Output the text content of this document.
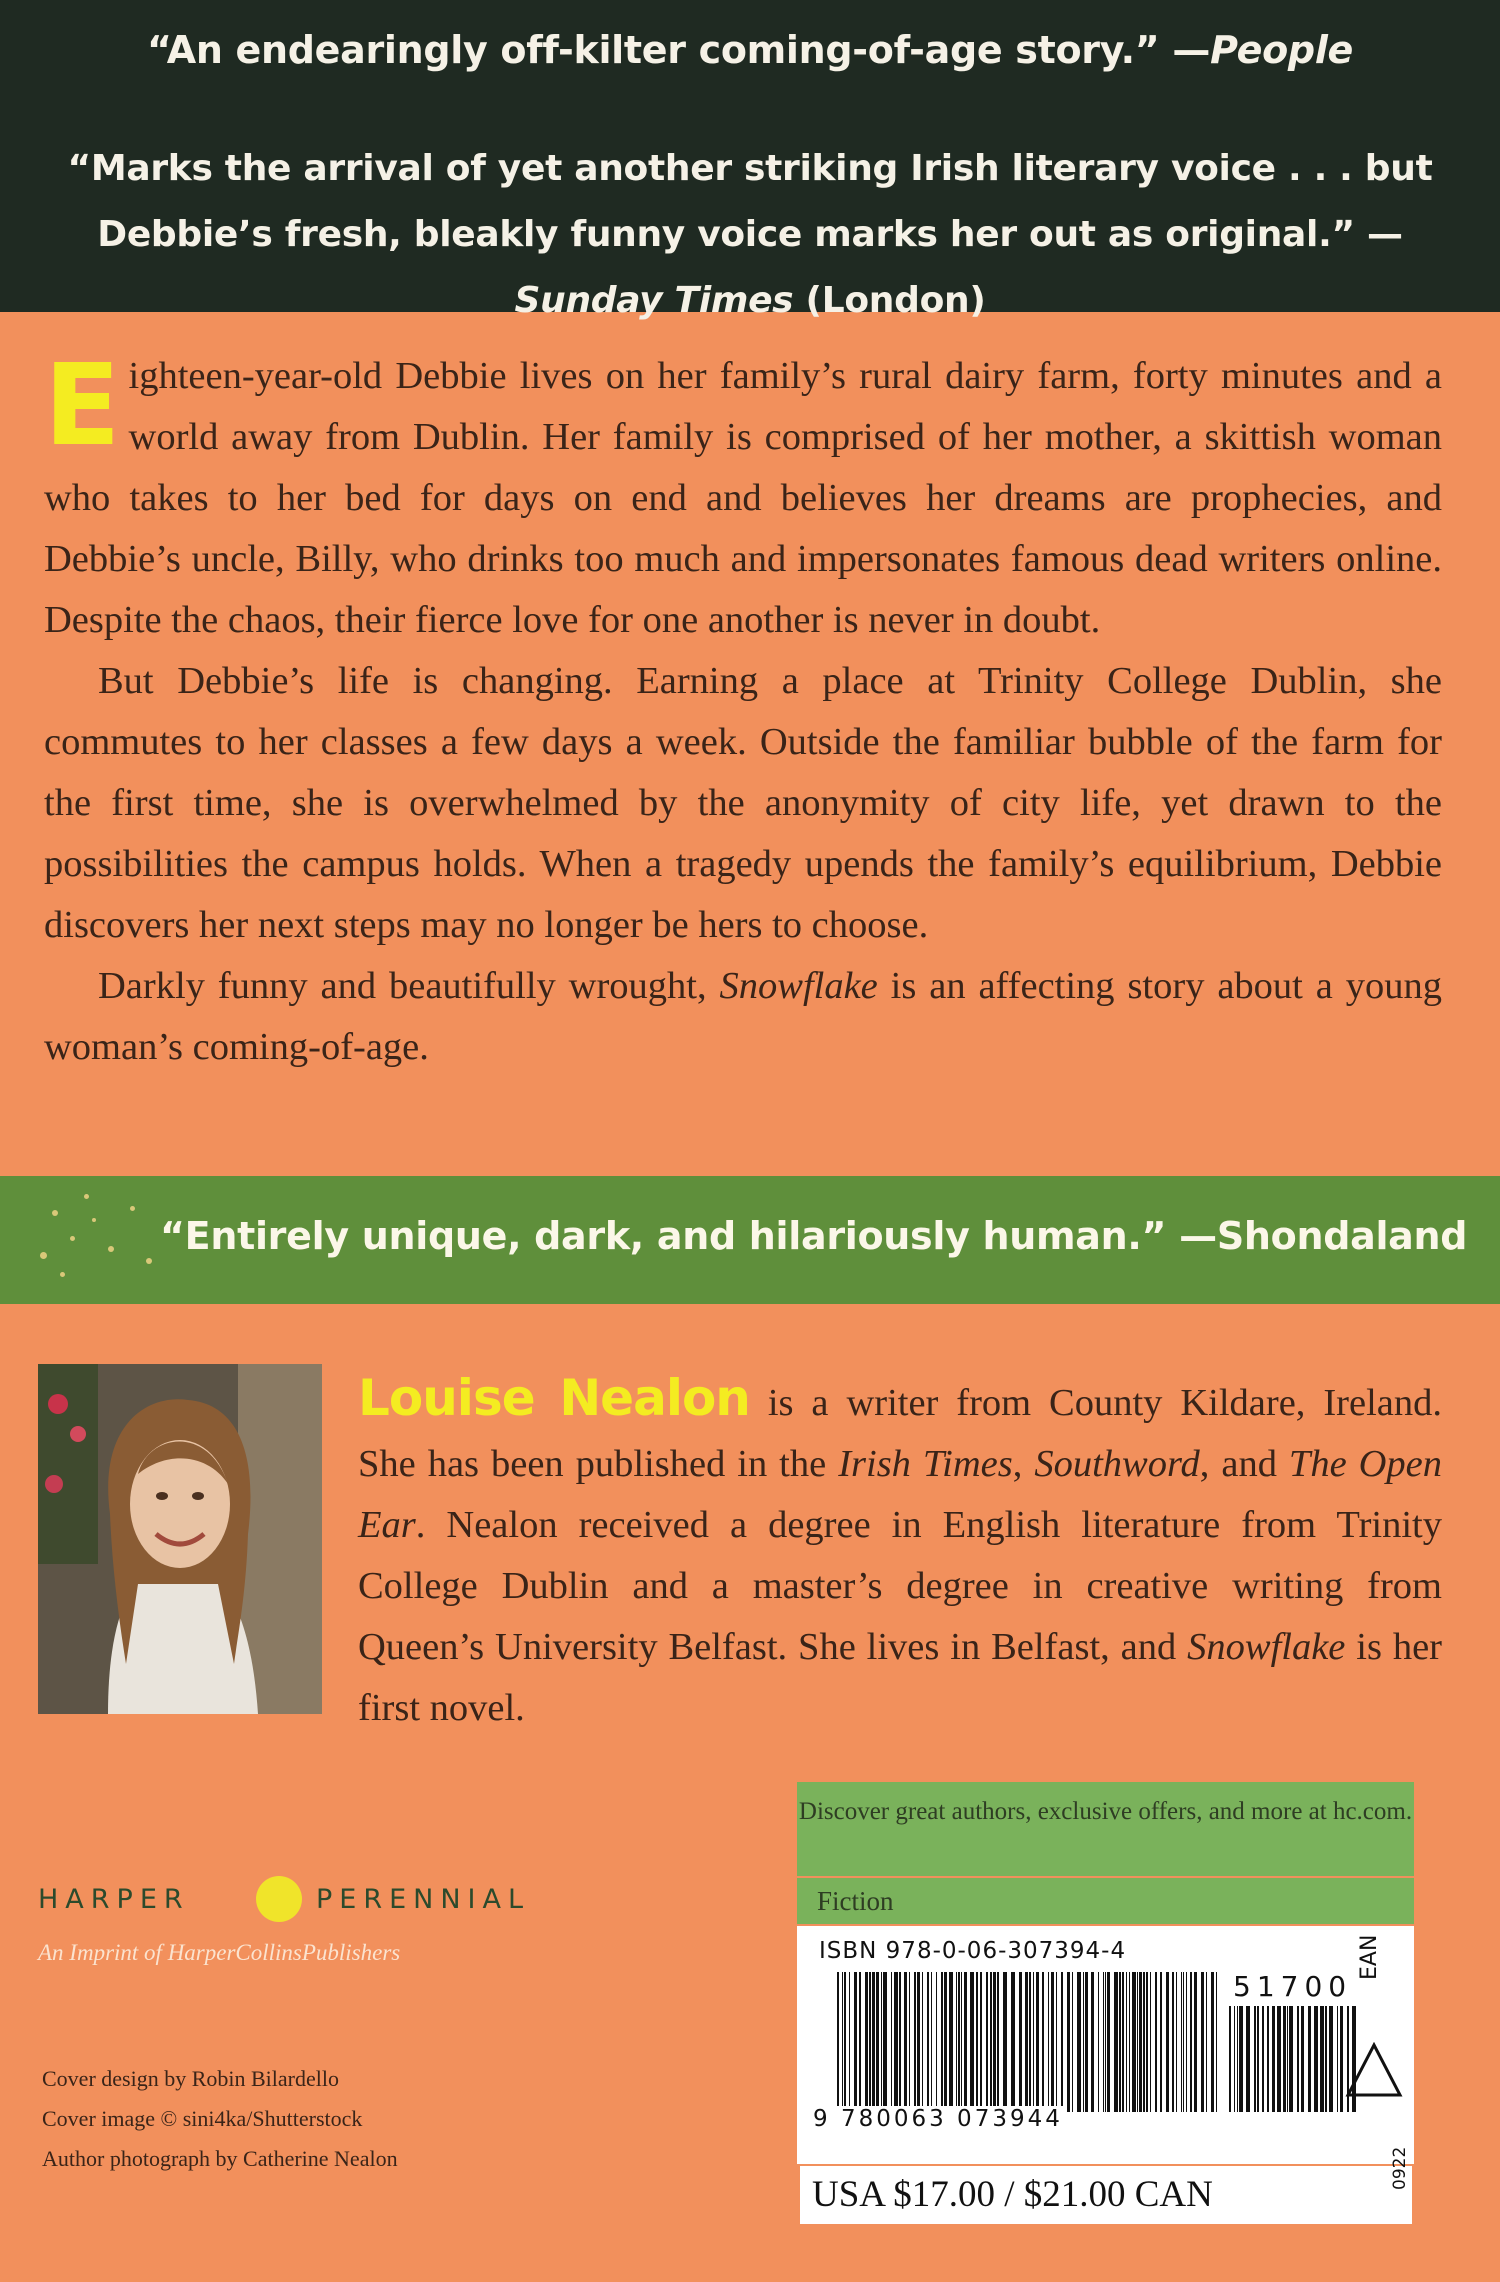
“An endearingly off-kilter coming-of-age story.” —People
“Marks the arrival of yet another striking Irish literary voice . . . but Debbie’s fresh, bleakly funny voice marks her out as original.” —Sunday Times (London)

Eighteen-year-old Debbie lives on her family’s rural dairy farm, forty minutes and a world away from Dublin. Her family is comprised of her mother, a skittish woman who takes to her bed for days on end and believes her dreams are prophecies, and Debbie’s uncle, Billy, who drinks too much and impersonates famous dead writers online. Despite the chaos, their fierce love for one another is never in doubt.

But Debbie’s life is changing. Earning a place at Trinity College Dublin, she commutes to her classes a few days a week. Outside the familiar bubble of the farm for the first time, she is overwhelmed by the anonymity of city life, yet drawn to the possibilities the campus holds. When a tragedy upends the family’s equilibrium, Debbie discovers her next steps may no longer be hers to choose.

Darkly funny and beautifully wrought, Snowflake is an affecting story about a young woman’s coming-of-age.

“Entirely unique, dark, and hilariously human.” —Shondaland

Louise Nealon is a writer from County Kildare, Ireland. She has been published in the Irish Times, Southword, and The Open Ear. Nealon received a degree in English literature from Trinity College Dublin and a master’s degree in creative writing from Queen’s University Belfast. She lives in Belfast, and Snowflake is her first novel.

HARPER	PERENNIAL
An Imprint of HarperCollinsPublishers
Cover design by Robin Bilardello
Cover image © sini4ka/Shutterstock
Author photograph by Catherine Nealon
Discover great authors, exclusive offers, and more at hc.com.
Fiction
ISBN 978-0-06-307394-4
51700
EAN
9 780063 073944
USA $17.00 / $21.00 CAN
0922
